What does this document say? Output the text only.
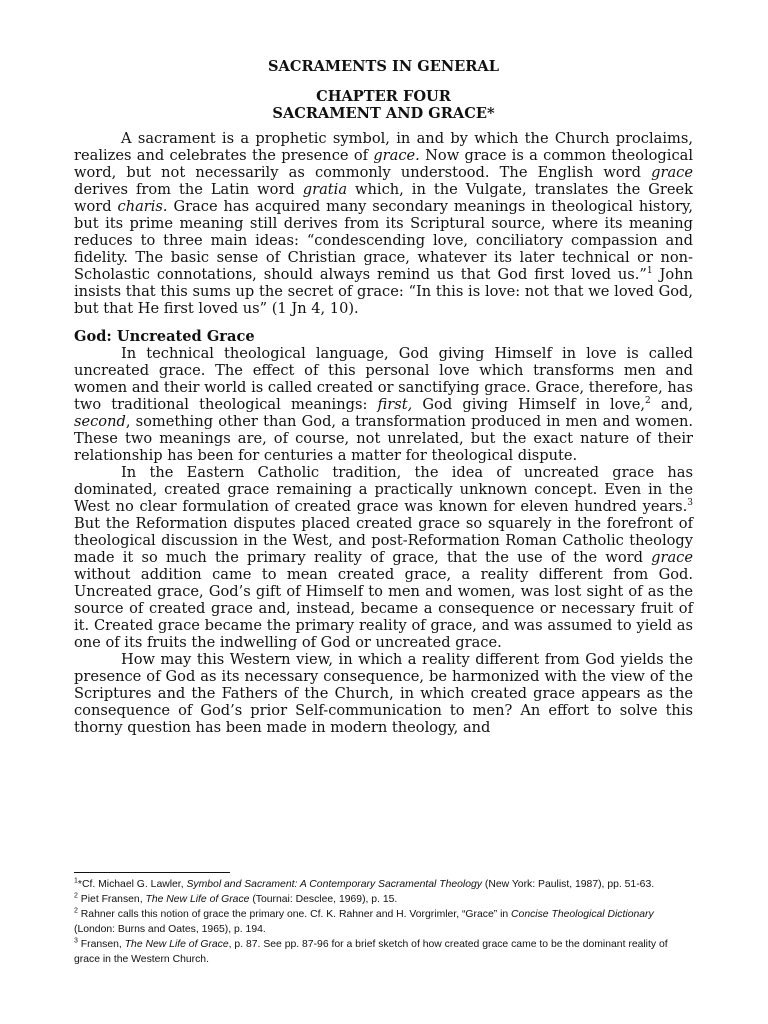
SACRAMENTS IN GENERAL
CHAPTER FOUR
SACRAMENT AND GRACE*

A sacrament is a prophetic symbol, in and by which the Church proclaims, realizes and celebrates the presence of grace. Now grace is a common theological word, but not necessarily as commonly understood. The English word grace derives from the Latin word gratia which, in the Vulgate, translates the Greek word charis. Grace has acquired many secondary meanings in theological history, but its prime meaning still derives from its Scriptural source, where its meaning reduces to three main ideas: “condescending love, conciliatory compassion and fidelity. The basic sense of Christian grace, whatever its later technical or non-Scholastic connotations, should always remind us that God first loved us.”$^1$ John insists that this sums up the secret of grace: “In this is love: not that we loved God, but that He first loved us” (1 Jn 4, 10).

God: Uncreated Grace

In technical theological language, God giving Himself in love is called uncreated grace. The effect of this personal love which transforms men and women and their world is called created or sanctifying grace. Grace, therefore, has two traditional theological meanings: first, God giving Himself in love,$^2$ and, second, something other than God, a transformation produced in men and women. These two meanings are, of course, not unrelated, but the exact nature of their relationship has been for centuries a matter for theological dispute.

In the Eastern Catholic tradition, the idea of uncreated grace has dominated, created grace remaining a practically unknown concept. Even in the West no clear formulation of created grace was known for eleven hundred years.$^3$ But the Reformation disputes placed created grace so squarely in the forefront of theological discussion in the West, and post-Reformation Roman Catholic theology made it so much the primary reality of grace, that the use of the word grace without addition came to mean created grace, a reality different from God. Uncreated grace, God’s gift of Himself to men and women, was lost sight of as the source of created grace and, instead, became a consequence or necessary fruit of it. Created grace became the primary reality of grace, and was assumed to yield as one of its fruits the indwelling of God or uncreated grace.

How may this Western view, in which a reality different from God yields the presence of God as its necessary consequence, be harmonized with the view of the Scriptures and the Fathers of the Church, in which created grace appears as the consequence of God’s prior Self-communication to men? An effort to solve this thorny question has been made in modern theology, and

$^1$*Cf. Michael G. Lawler, Symbol and Sacrament: A Contemporary Sacramental Theology (New York: Paulist, 1987), pp. 51-63.
$^2$ Piet Fransen, The New Life of Grace (Tournai: Desclee, 1969), p. 15.
$^2$ Rahner calls this notion of grace the primary one. Cf. K. Rahner and H. Vorgrimler, “Grace” in Concise Theological Dictionary (London: Burns and Oates, 1965), p. 194.
$^3$ Fransen, The New Life of Grace, p. 87. See pp. 87-96 for a brief sketch of how created grace came to be the dominant reality of grace in the Western Church.
